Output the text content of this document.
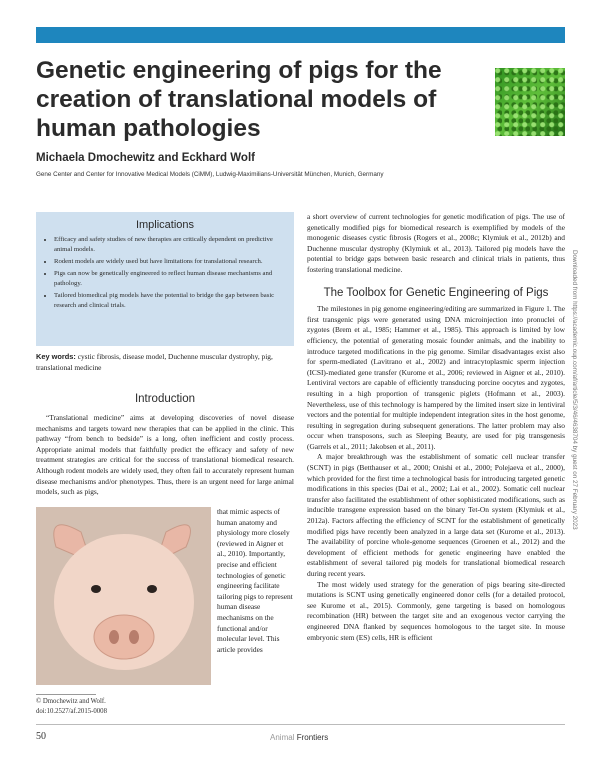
Genetic engineering of pigs for the creation of translational models of human pathologies
Michaela Dmochewitz and Eckhard Wolf
Gene Center and Center for Innovative Medical Models (CiMM), Ludwig-Maximilians-Universität München, Munich, Germany
Downloaded from https://academic.oup.com/af/article/5/3/46/4638704 by guest on 27 February 2023
Implications
• Efficacy and safety studies of new therapies are critically dependent on predictive animal models.
• Rodent models are widely used but have limitations for translational research.
• Pigs can now be genetically engineered to reflect human disease mechanisms and pathology.
• Tailored biomedical pig models have the potential to bridge the gap between basic research and clinical trials.
Key words: cystic fibrosis, disease model, Duchenne muscular dystrophy, pig, translational medicine
Introduction

“Translational medicine” aims at developing discoveries of novel disease mechanisms and targets toward new therapies that can be applied in the clinic. This pathway “from bench to bedside” is a long, often inefficient and costly process. Appropriate animal models that faithfully predict the efficacy and safety of new treatment strategies are critical for the success of translational biomedical research. Although rodent models are widely used, they often fail to accurately represent human disease mechanisms and/or phenotypes. Thus, there is an urgent need for large animal models, such as pigs,

that mimic aspects of human anatomy and physiology more closely (reviewed in Aigner et al., 2010). Importantly, precise and efficient technologies of genetic engineering facilitate tailoring pigs to represent human disease mechanisms on the functional and/or molecular level. This article provides

© Dmochewitz and Wolf.
doi:10.2527/af.2015-0008

a short overview of current technologies for genetic modification of pigs. The use of genetically modified pigs for biomedical research is exemplified by models of the monogenic diseases cystic fibrosis (Rogers et al., 2008c; Klymiuk et al., 2012b) and Duchenne muscular dystrophy (Klymiuk et al., 2013). Tailored pig models have the potential to bridge gaps between basic research and clinical trials in patients, thus fostering translational medicine.

The Toolbox for Genetic Engineering of Pigs

The milestones in pig genome engineering/editing are summarized in Figure 1. The first transgenic pigs were generated using DNA microinjection into pronuclei of zygotes (Brem et al., 1985; Hammer et al., 1985). This approach is limited by low efficiency, the potential of generating mosaic founder animals, and the inability to introduce targeted modifications in the pig genome. Similar disadvantages exist also for sperm-mediated (Lavitrano et al., 2002) and intracytoplasmic sperm injection (ICSI)-mediated gene transfer (Kurome et al., 2006; reviewed in Aigner et al., 2010). Lentiviral vectors are capable of efficiently transducing porcine oocytes and zygotes, resulting in a high proportion of transgenic piglets (Hofmann et al., 2003). Nevertheless, use of this technology is hampered by the limited insert size in lentiviral vectors and the potential for multiple independent integration sites in the host genome, resulting in segregation during subsequent generations. The latter problem may also occur when transposons, such as Sleeping Beauty, are used for pig transgenesis (Garrels et al., 2011; Jakobsen et al., 2011).

A major breakthrough was the establishment of somatic cell nuclear transfer (SCNT) in pigs (Betthauser et al., 2000; Onishi et al., 2000; Polejaeva et al., 2000), which provided for the first time a technological basis for introducing targeted genetic modifications in this species (Dai et al., 2002; Lai et al., 2002). Somatic cell nuclear transfer also facilitated the establishment of other sophisticated modifications, such as inducible transgene expression based on the binary Tet-On system (Klymiuk et al., 2012a). Factors affecting the efficiency of SCNT for the establishment of genetically modified pigs have recently been analyzed in a large data set (Kurome et al., 2013). The availability of porcine whole-genome sequences (Groenen et al., 2012) and the development of efficient methods for genetic engineering have enabled the establishment of several tailored pig models for translational biomedical research during recent years.

The most widely used strategy for the generation of pigs bearing site-directed mutations is SCNT using genetically engineered donor cells (for a detailed protocol, see Kurome et al., 2015). Commonly, gene targeting is based on homologous recombination (HR) between the target site and an exogenous vector carrying the engineered DNA flanked by sequences homologous to the target site. In mouse embryonic stem (ES) cells, HR is efficient

50	Animal Frontiers
